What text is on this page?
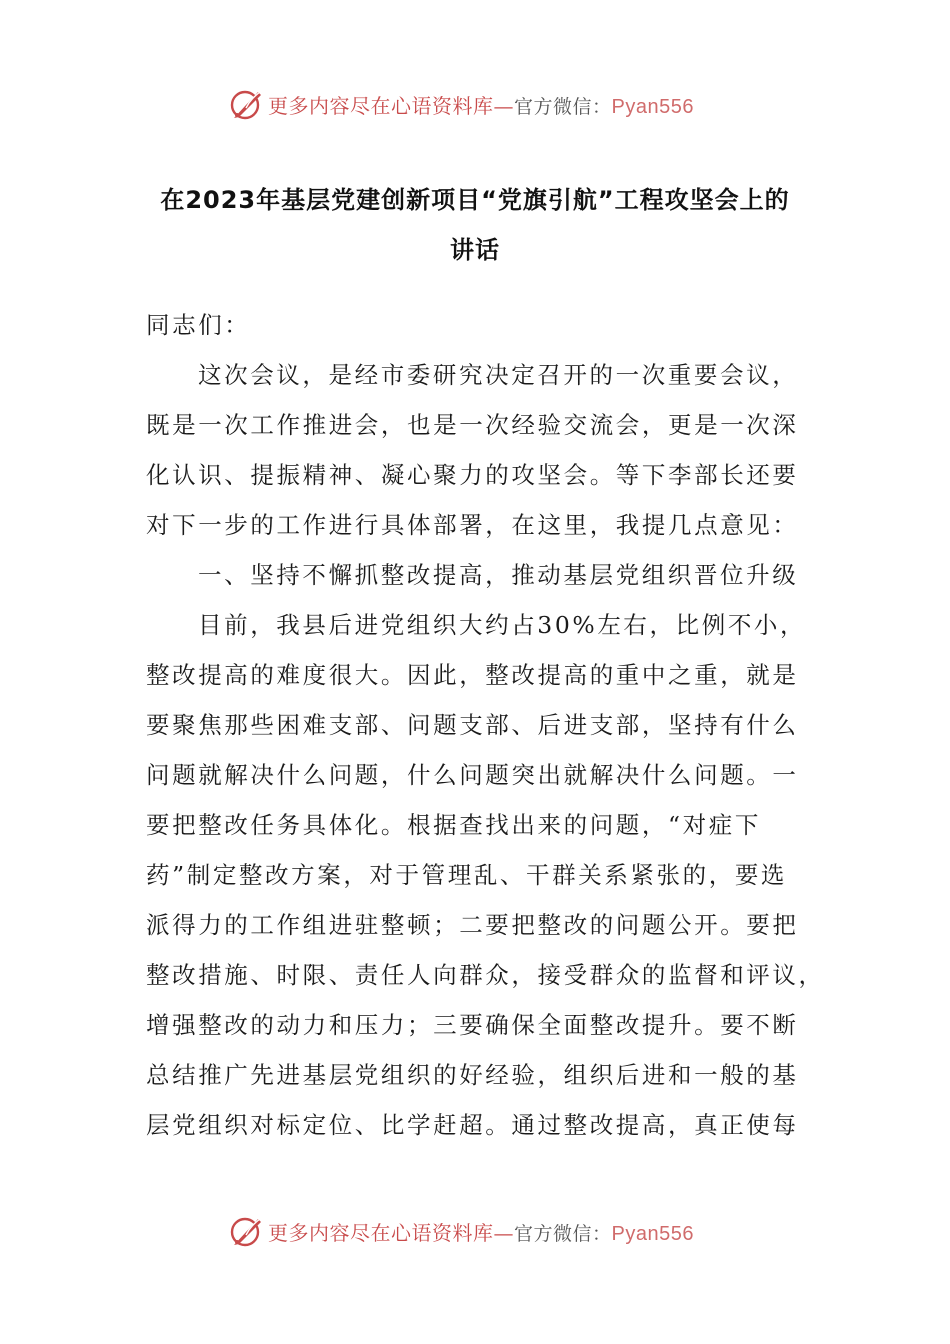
更多内容尽在心语资料库—官方微信：Pyan556
在2023年基层党建创新项目“党旗引航”工程攻坚会上的
讲话
同志们：
这次会议，是经市委研究决定召开的一次重要会议，
既是一次工作推进会，也是一次经验交流会，更是一次深
化认识、提振精神、凝心聚力的攻坚会。等下李部长还要
对下一步的工作进行具体部署，在这里，我提几点意见：
一、坚持不懈抓整改提高，推动基层党组织晋位升级
目前，我县后进党组织大约占30%左右，比例不小，
整改提高的难度很大。因此，整改提高的重中之重，就是
要聚焦那些困难支部、问题支部、后进支部，坚持有什么
问题就解决什么问题，什么问题突出就解决什么问题。一
要把整改任务具体化。根据查找出来的问题，“对症下
药”制定整改方案，对于管理乱、干群关系紧张的，要选
派得力的工作组进驻整顿；二要把整改的问题公开。要把
整改措施、时限、责任人向群众，接受群众的监督和评议，
增强整改的动力和压力；三要确保全面整改提升。要不断
总结推广先进基层党组织的好经验，组织后进和一般的基
层党组织对标定位、比学赶超。通过整改提高，真正使每
更多内容尽在心语资料库—官方微信：Pyan556
